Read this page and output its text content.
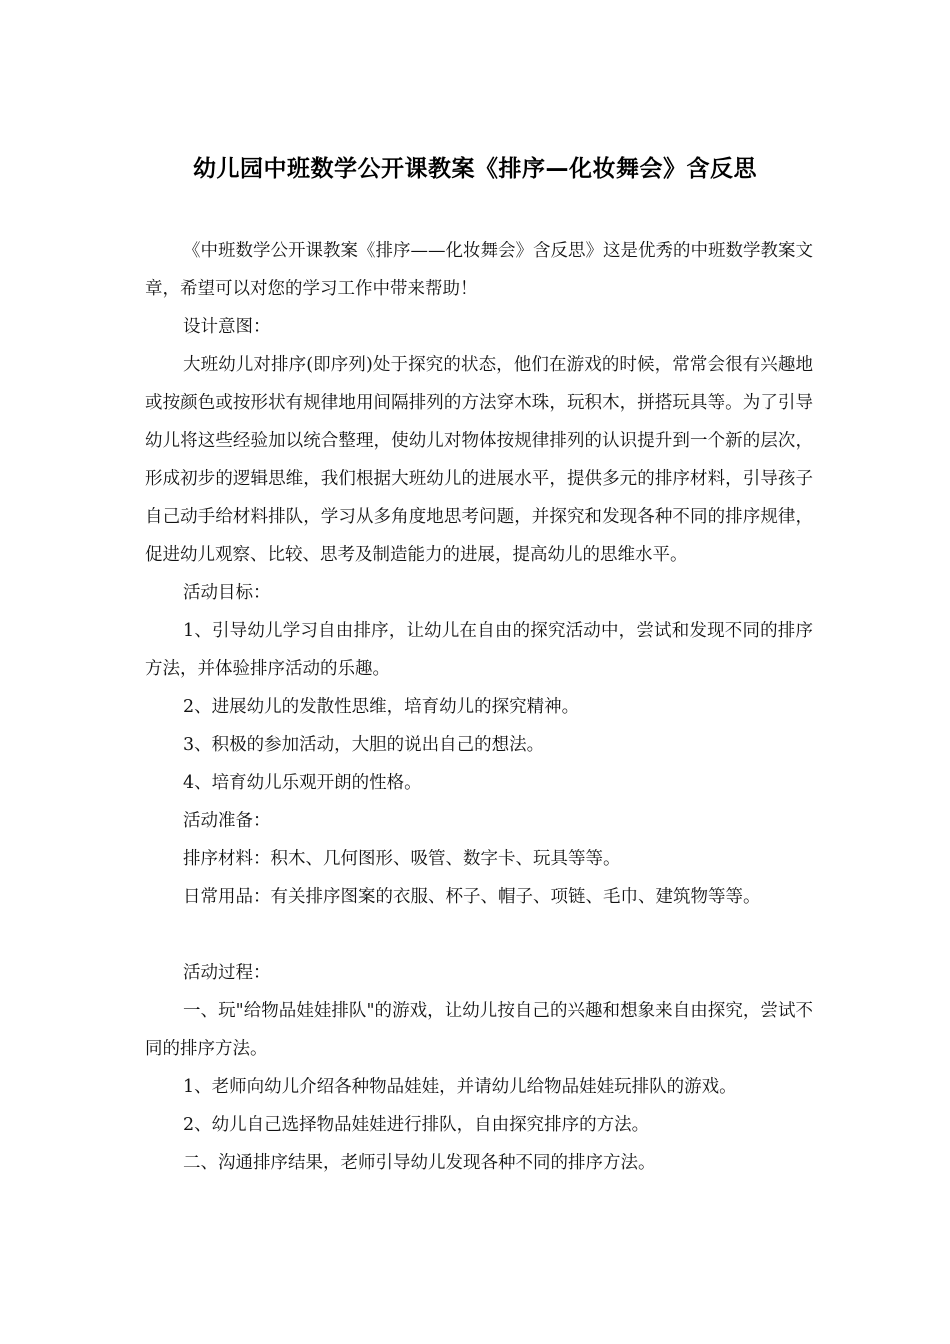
幼儿园中班数学公开课教案《排序—化妆舞会》含反思

《中班数学公开课教案《排序——化妆舞会》含反思》这是优秀的中班数学教案文章，希望可以对您的学习工作中带来帮助！

设计意图：

大班幼儿对排序(即序列)处于探究的状态，他们在游戏的时候，常常会很有兴趣地或按颜色或按形状有规律地用间隔排列的方法穿木珠，玩积木，拼搭玩具等。为了引导幼儿将这些经验加以统合整理，使幼儿对物体按规律排列的认识提升到一个新的层次，形成初步的逻辑思维，我们根据大班幼儿的进展水平，提供多元的排序材料，引导孩子自己动手给材料排队，学习从多角度地思考问题，并探究和发现各种不同的排序规律，促进幼儿观察、比较、思考及制造能力的进展，提高幼儿的思维水平。

活动目标：

1、引导幼儿学习自由排序，让幼儿在自由的探究活动中，尝试和发现不同的排序方法，并体验排序活动的乐趣。

2、进展幼儿的发散性思维，培育幼儿的探究精神。

3、积极的参加活动，大胆的说出自己的想法。

4、培育幼儿乐观开朗的性格。

活动准备：

排序材料：积木、几何图形、吸管、数字卡、玩具等等。

日常用品：有关排序图案的衣服、杯子、帽子、项链、毛巾、建筑物等等。

活动过程：

一、玩"给物品娃娃排队"的游戏，让幼儿按自己的兴趣和想象来自由探究，尝试不同的排序方法。

1、老师向幼儿介绍各种物品娃娃，并请幼儿给物品娃娃玩排队的游戏。

2、幼儿自己选择物品娃娃进行排队，自由探究排序的方法。

二、沟通排序结果，老师引导幼儿发现各种不同的排序方法。
